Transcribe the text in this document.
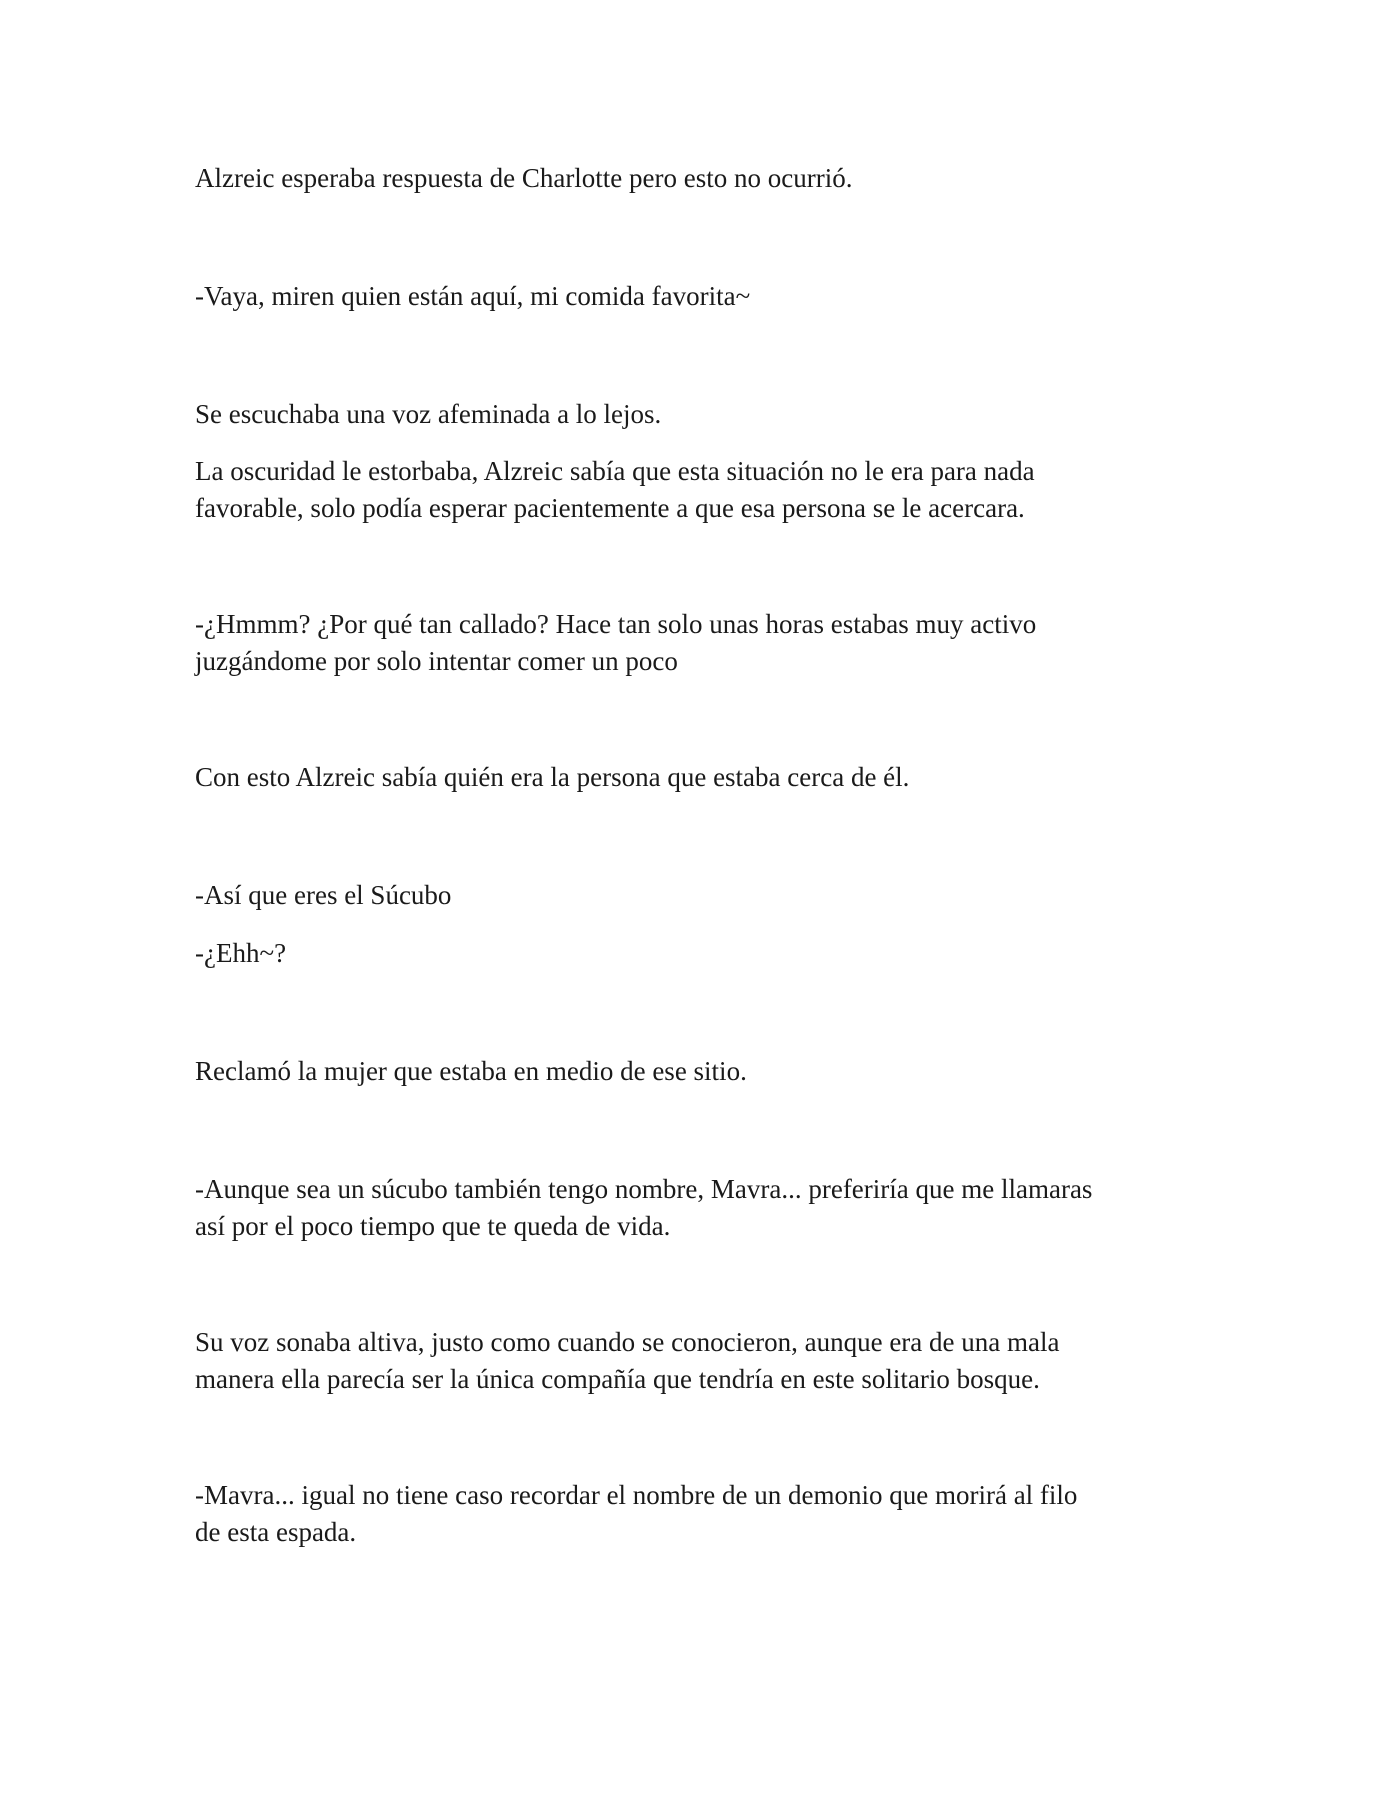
Alzreic esperaba respuesta de Charlotte pero esto no ocurrió.

-Vaya, miren quien están aquí, mi comida favorita~

Se escuchaba una voz afeminada a lo lejos.

La oscuridad le estorbaba, Alzreic sabía que esta situación no le era para nada
favorable, solo podía esperar pacientemente a que esa persona se le acercara.

-¿Hmmm? ¿Por qué tan callado? Hace tan solo unas horas estabas muy activo
juzgándome por solo intentar comer un poco

Con esto Alzreic sabía quién era la persona que estaba cerca de él.

-Así que eres el Súcubo

-¿Ehh~?

Reclamó la mujer que estaba en medio de ese sitio.

-Aunque sea un súcubo también tengo nombre, Mavra... preferiría que me llamaras
así por el poco tiempo que te queda de vida.

Su voz sonaba altiva, justo como cuando se conocieron, aunque era de una mala
manera ella parecía ser la única compañía que tendría en este solitario bosque.

-Mavra... igual no tiene caso recordar el nombre de un demonio que morirá al filo
de esta espada.
